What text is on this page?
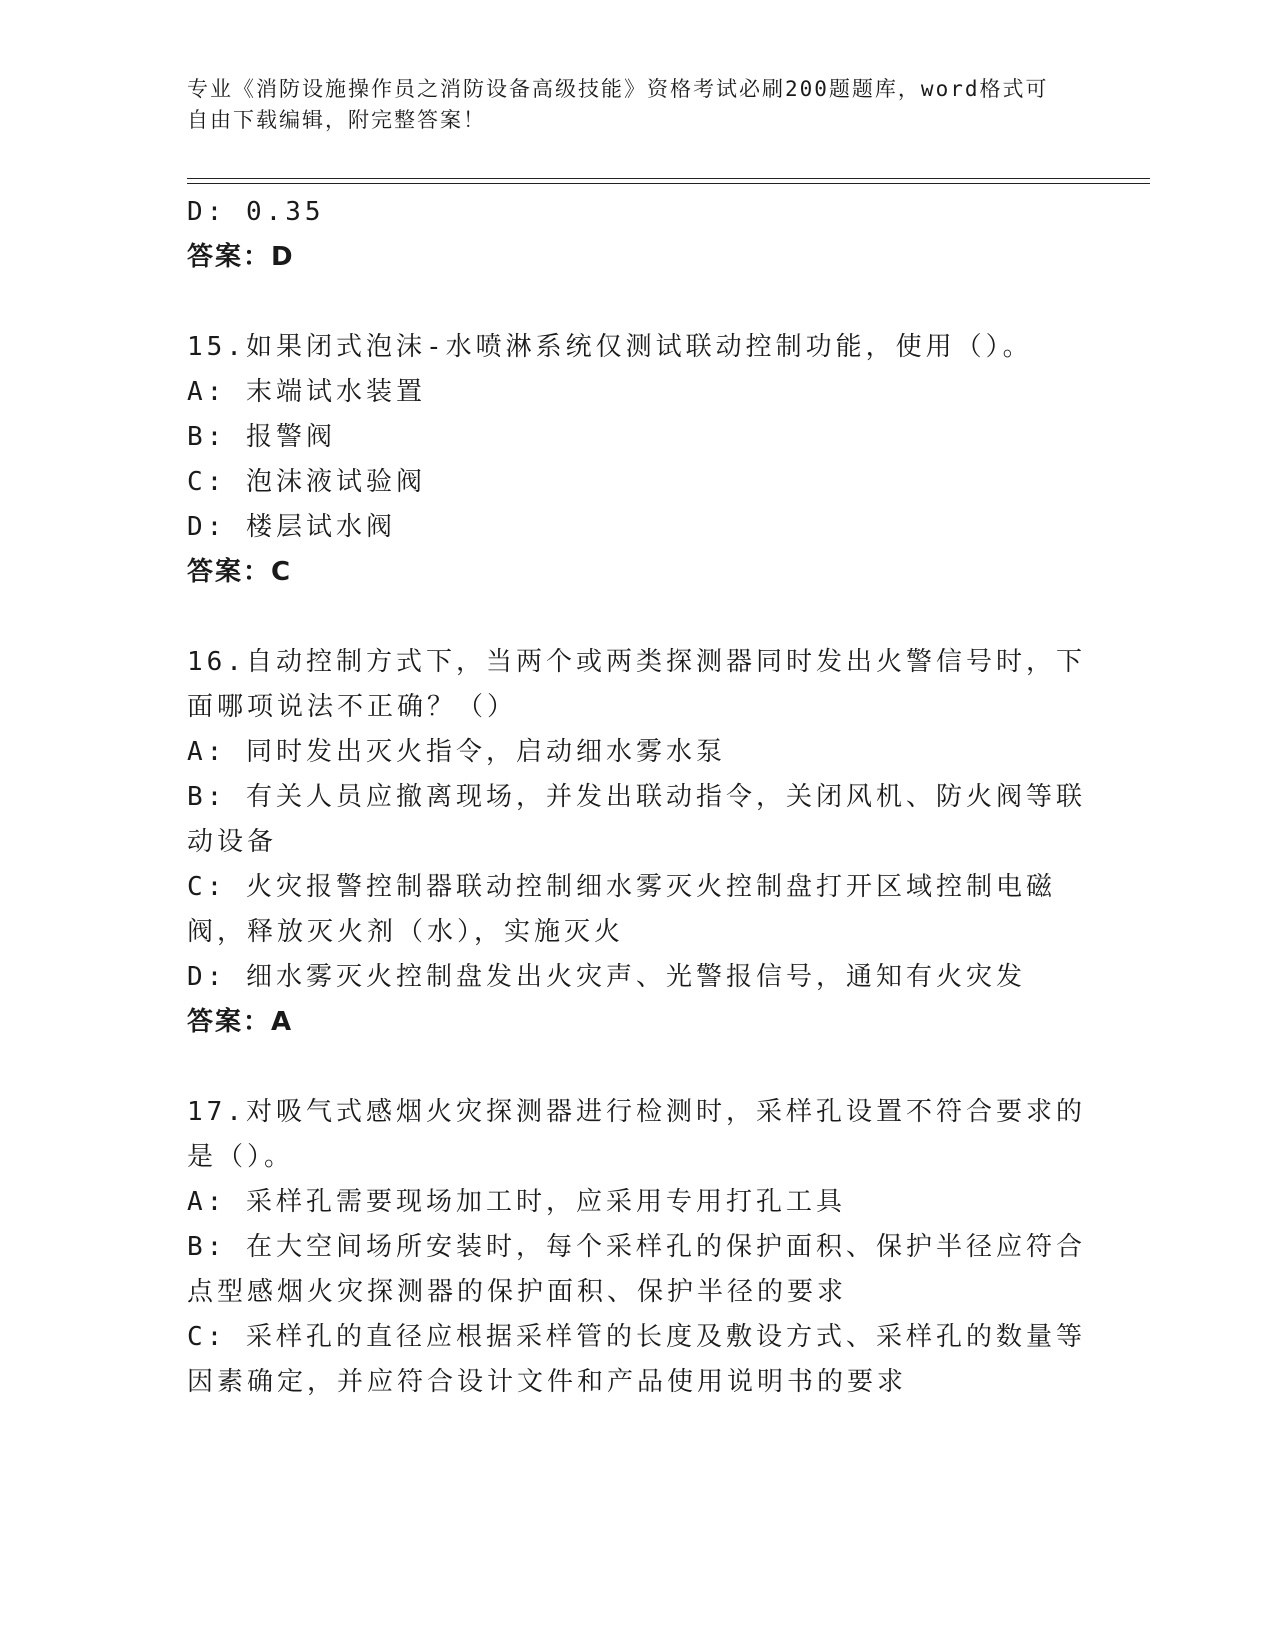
专业《消防设施操作员之消防设备高级技能》资格考试必刷200题题库，word格式可自由下载编辑，附完整答案！

D: 0.35

答案：D

15.如果闭式泡沫-水喷淋系统仅测试联动控制功能，使用（）。

A: 末端试水装置

B: 报警阀

C: 泡沫液试验阀

D: 楼层试水阀

答案：C

16.自动控制方式下，当两个或两类探测器同时发出火警信号时，下面哪项说法不正确？（）

A: 同时发出灭火指令，启动细水雾水泵

B: 有关人员应撤离现场，并发出联动指令，关闭风机、防火阀等联动设备

C: 火灾报警控制器联动控制细水雾灭火控制盘打开区域控制电磁阀，释放灭火剂（水），实施灭火

D: 细水雾灭火控制盘发出火灾声、光警报信号，通知有火灾发

答案：A

17.对吸气式感烟火灾探测器进行检测时，采样孔设置不符合要求的是（）。

A: 采样孔需要现场加工时，应采用专用打孔工具

B: 在大空间场所安装时，每个采样孔的保护面积、保护半径应符合点型感烟火灾探测器的保护面积、保护半径的要求

C: 采样孔的直径应根据采样管的长度及敷设方式、采样孔的数量等因素确定，并应符合设计文件和产品使用说明书的要求
